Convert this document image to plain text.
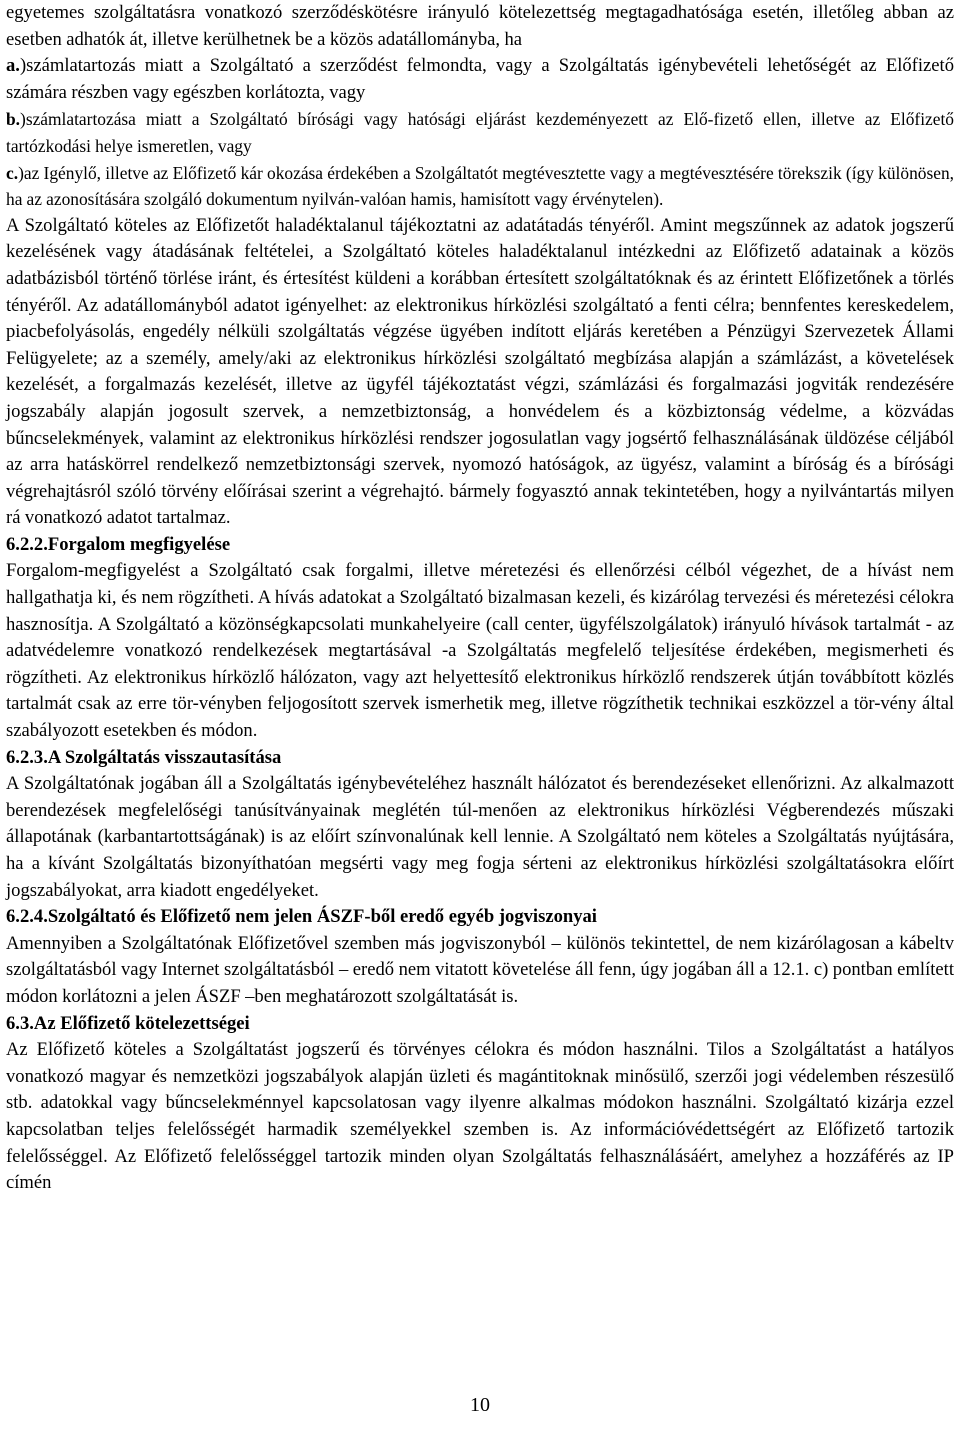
egyetemes szolgáltatásra vonatkozó szerződéskötésre irányuló kötelezettség megtagadhatósága esetén, illetőleg abban az esetben adhatók át, illetve kerülhetnek be a közös adatállományba, ha

a.)számlatartozás miatt a Szolgáltató a szerződést felmondta, vagy a Szolgáltatás igénybevételi lehetőségét az Előfizető számára részben vagy egészben korlátozta, vagy

b.)számlatartozása miatt a Szolgáltató bírósági vagy hatósági eljárást kezdeményezett az Elő-fizető ellen, illetve az Előfizető tartózkodási helye ismeretlen, vagy

c.)az Igénylő, illetve az Előfizető kár okozása érdekében a Szolgáltatót megtévesztette vagy a megtévesztésére törekszik (így különösen, ha az azonosítására szolgáló dokumentum nyilván-valóan hamis, hamisított vagy érvénytelen).

A Szolgáltató köteles az Előfizetőt haladéktalanul tájékoztatni az adatátadás tényéről. Amint megszűnnek az adatok jogszerű kezelésének vagy átadásának feltételei, a Szolgáltató köteles haladéktalanul intézkedni az Előfizető adatainak a közös adatbázisból történő törlése iránt, és értesítést küldeni a korábban értesített szolgáltatóknak és az érintett Előfizetőnek a törlés tényéről. Az adatállományból adatot igényelhet: az elektronikus hírközlési szolgáltató a fenti célra; bennfentes kereskedelem, piacbefolyásolás, engedély nélküli szolgáltatás végzése ügyében indított eljárás keretében a Pénzügyi Szervezetek Állami Felügyelete; az a személy, amely/aki az elektronikus hírközlési szolgáltató megbízása alapján a számlázást, a követelések kezelését, a forgalmazás kezelését, illetve az ügyfél tájékoztatást végzi, számlázási és forgalmazási jogviták rendezésére jogszabály alapján jogosult szervek, a nemzetbiztonság, a honvédelem és a közbiztonság védelme, a közvádas bűncselekmények, valamint az elektronikus hírközlési rendszer jogosulatlan vagy jogsértő felhasználásának üldözése céljából az arra hatáskörrel rendelkező nemzetbiztonsági szervek, nyomozó hatóságok, az ügyész, valamint a bíróság és a bírósági végrehajtásról szóló törvény előírásai szerint a végrehajtó. bármely fogyasztó annak tekintetében, hogy a nyilvántartás milyen rá vonatkozó adatot tartalmaz.

6.2.2.Forgalom megfigyelése

Forgalom-megfigyelést a Szolgáltató csak forgalmi, illetve méretezési és ellenőrzési célból végezhet, de a hívást nem hallgathatja ki, és nem rögzítheti. A hívás adatokat a Szolgáltató bizalmasan kezeli, és kizárólag tervezési és méretezési célokra hasznosítja. A Szolgáltató a közönségkapcsolati munkahelyeire (call center, ügyfélszolgálatok) irányuló hívások tartalmát - az adatvédelemre vonatkozó rendelkezések megtartásával -a Szolgáltatás megfelelő teljesítése érdekében, megismerheti és rögzítheti. Az elektronikus hírközlő hálózaton, vagy azt helyettesítő elektronikus hírközlő rendszerek útján továbbított közlés tartalmát csak az erre tör-vényben feljogosított szervek ismerhetik meg, illetve rögzíthetik technikai eszközzel a tör-vény által szabályozott esetekben és módon.

6.2.3.A Szolgáltatás visszautasítása

A Szolgáltatónak jogában áll a Szolgáltatás igénybevételéhez használt hálózatot és berendezéseket ellenőrizni. Az alkalmazott berendezések megfelelőségi tanúsítványainak meglétén túl-menően az elektronikus hírközlési Végberendezés műszaki állapotának (karbantartottságának) is az előírt színvonalúnak kell lennie. A Szolgáltató nem köteles a Szolgáltatás nyújtására, ha a kívánt Szolgáltatás bizonyíthatóan megsérti vagy meg fogja sérteni az elektronikus hírközlési szolgáltatásokra előírt jogszabályokat, arra kiadott engedélyeket.

6.2.4.Szolgáltató és Előfizető nem jelen ÁSZF-ből eredő egyéb jogviszonyai

Amennyiben a Szolgáltatónak Előfizetővel szemben más jogviszonyból – különös tekintettel, de nem kizárólagosan a kábeltv szolgáltatásból vagy Internet szolgáltatásból – eredő nem vitatott követelése áll fenn, úgy jogában áll a 12.1. c) pontban említett módon korlátozni a jelen ÁSZF –ben meghatározott szolgáltatását is.

6.3.Az Előfizető kötelezettségei

Az Előfizető köteles a Szolgáltatást jogszerű és törvényes célokra és módon használni. Tilos a Szolgáltatást a hatályos vonatkozó magyar és nemzetközi jogszabályok alapján üzleti és magántitoknak minősülő, szerzői jogi védelemben részesülő stb. adatokkal vagy bűncselekménnyel kapcsolatosan vagy ilyenre alkalmas módokon használni. Szolgáltató kizárja ezzel kapcsolatban teljes felelősségét harmadik személyekkel szemben is. Az információvédettségért az Előfizető tartozik felelősséggel. Az Előfizető felelősséggel tartozik minden olyan Szolgáltatás felhasználásáért, amelyhez a hozzáférés az IP címén

10
